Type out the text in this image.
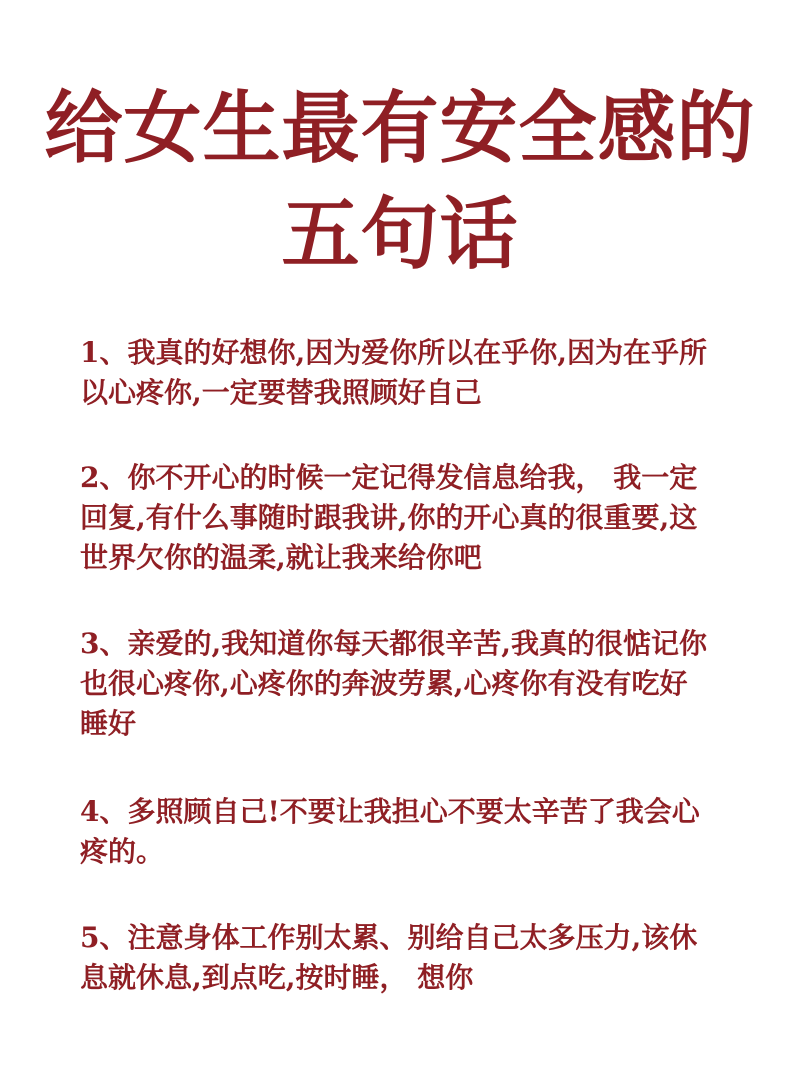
给女生最有安全感的
五句话

1、我真的好想你,因为爱你所以在乎你,因为在乎所
以心疼你,一定要替我照顾好自己

2、你不开心的时候一定记得发信息给我， 我一定
回复,有什么事随时跟我讲,你的开心真的很重要,这
世界欠你的温柔,就让我来给你吧

3、亲爱的,我知道你每天都很辛苦,我真的很惦记你
也很心疼你,心疼你的奔波劳累,心疼你有没有吃好
睡好

4、多照顾自己!不要让我担心不要太辛苦了我会心
疼的。

5、注意身体工作别太累、别给自己太多压力,该休
息就休息,到点吃,按时睡， 想你
